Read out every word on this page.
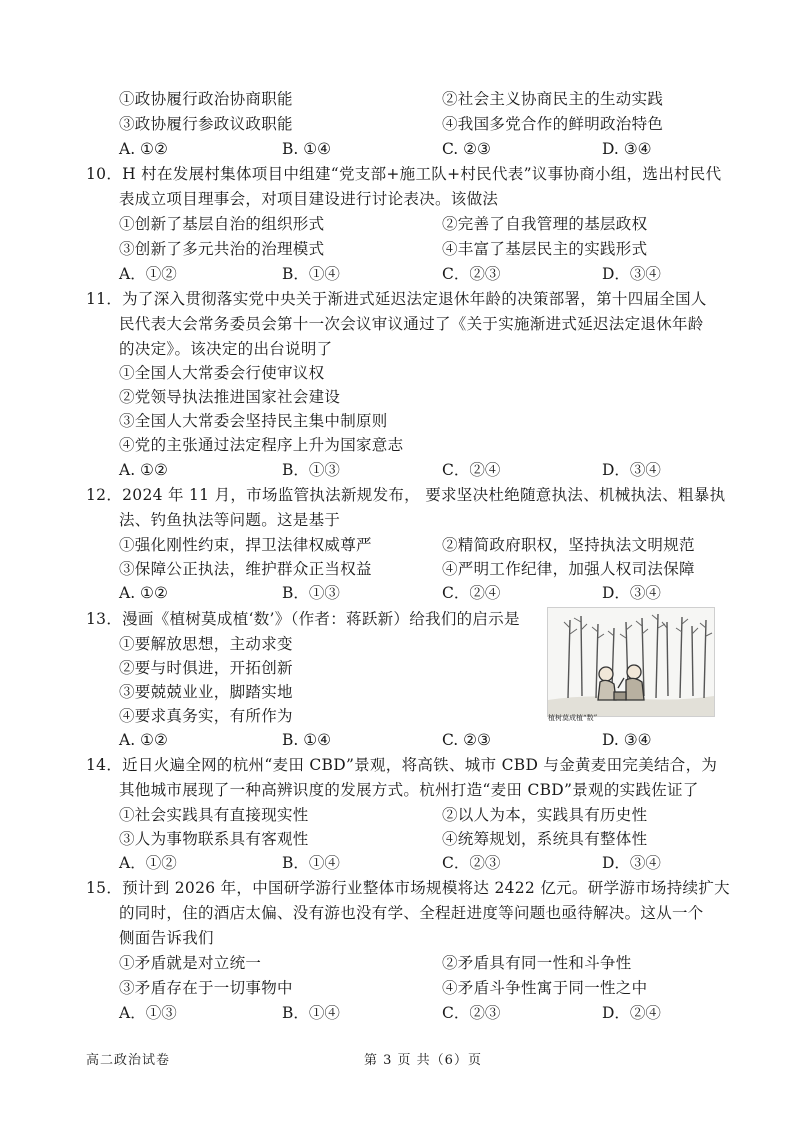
①政协履行政治协商职能	②社会主义协商民主的生动实践
③政协履行参政议政职能	④我国多党合作的鲜明政治特色
A. ①②	B. ①④	C. ②③	D. ③④
10．H 村在发展村集体项目中组建“党支部+施工队+村民代表”议事协商小组，选出村民代
表成立项目理事会，对项目建设进行讨论表决。该做法
①创新了基层自治的组织形式	②完善了自我管理的基层政权
③创新了多元共治的治理模式	④丰富了基层民主的实践形式
A．①②	B．①④	C．②③	D．③④
11．为了深入贯彻落实党中央关于渐进式延迟法定退休年龄的决策部署，第十四届全国人
民代表大会常务委员会第十一次会议审议通过了《关于实施渐进式延迟法定退休年龄
的决定》。该决定的出台说明了
①全国人大常委会行使审议权
②党领导执法推进国家社会建设
③全国人大常委会坚持民主集中制原则
④党的主张通过法定程序上升为国家意志
A. ①②	B．①③	C．②④	D．③④
12．2024 年 11 月，市场监管执法新规发布， 要求坚决杜绝随意执法、机械执法、粗暴执
法、钓鱼执法等问题。这是基于
①强化刚性约束，捍卫法律权威尊严	②精简政府职权，坚持执法文明规范
③保障公正执法，维护群众正当权益	④严明工作纪律，加强人权司法保障
A. ①②	B．①③	C．②④	D．③④
13．漫画《植树莫成植‘数’》（作者：蒋跃新）给我们的启示是
①要解放思想，主动求变
②要与时俱进，开拓创新
③要兢兢业业，脚踏实地
④要求真务实，有所作为
A. ①②	B. ①④	C. ②③	D. ③④
植树莫成植“数”
14．近日火遍全网的杭州“麦田 CBD”景观，将高铁、城市 CBD 与金黄麦田完美结合，为
其他城市展现了一种高辨识度的发展方式。杭州打造“麦田 CBD”景观的实践佐证了
①社会实践具有直接现实性	②以人为本，实践具有历史性
③人为事物联系具有客观性	④统筹规划，系统具有整体性
A．①②	B．①④	C．②③	D．③④
15．预计到 2026 年，中国研学游行业整体市场规模将达 2422 亿元。研学游市场持续扩大
的同时，住的酒店太偏、没有游也没有学、全程赶进度等问题也亟待解决。这从一个
侧面告诉我们
①矛盾就是对立统一	②矛盾具有同一性和斗争性
③矛盾存在于一切事物中	④矛盾斗争性寓于同一性之中
A．①③	B．①④	C．②③	D．②④
高二政治试卷	第 3 页 共（6）页
